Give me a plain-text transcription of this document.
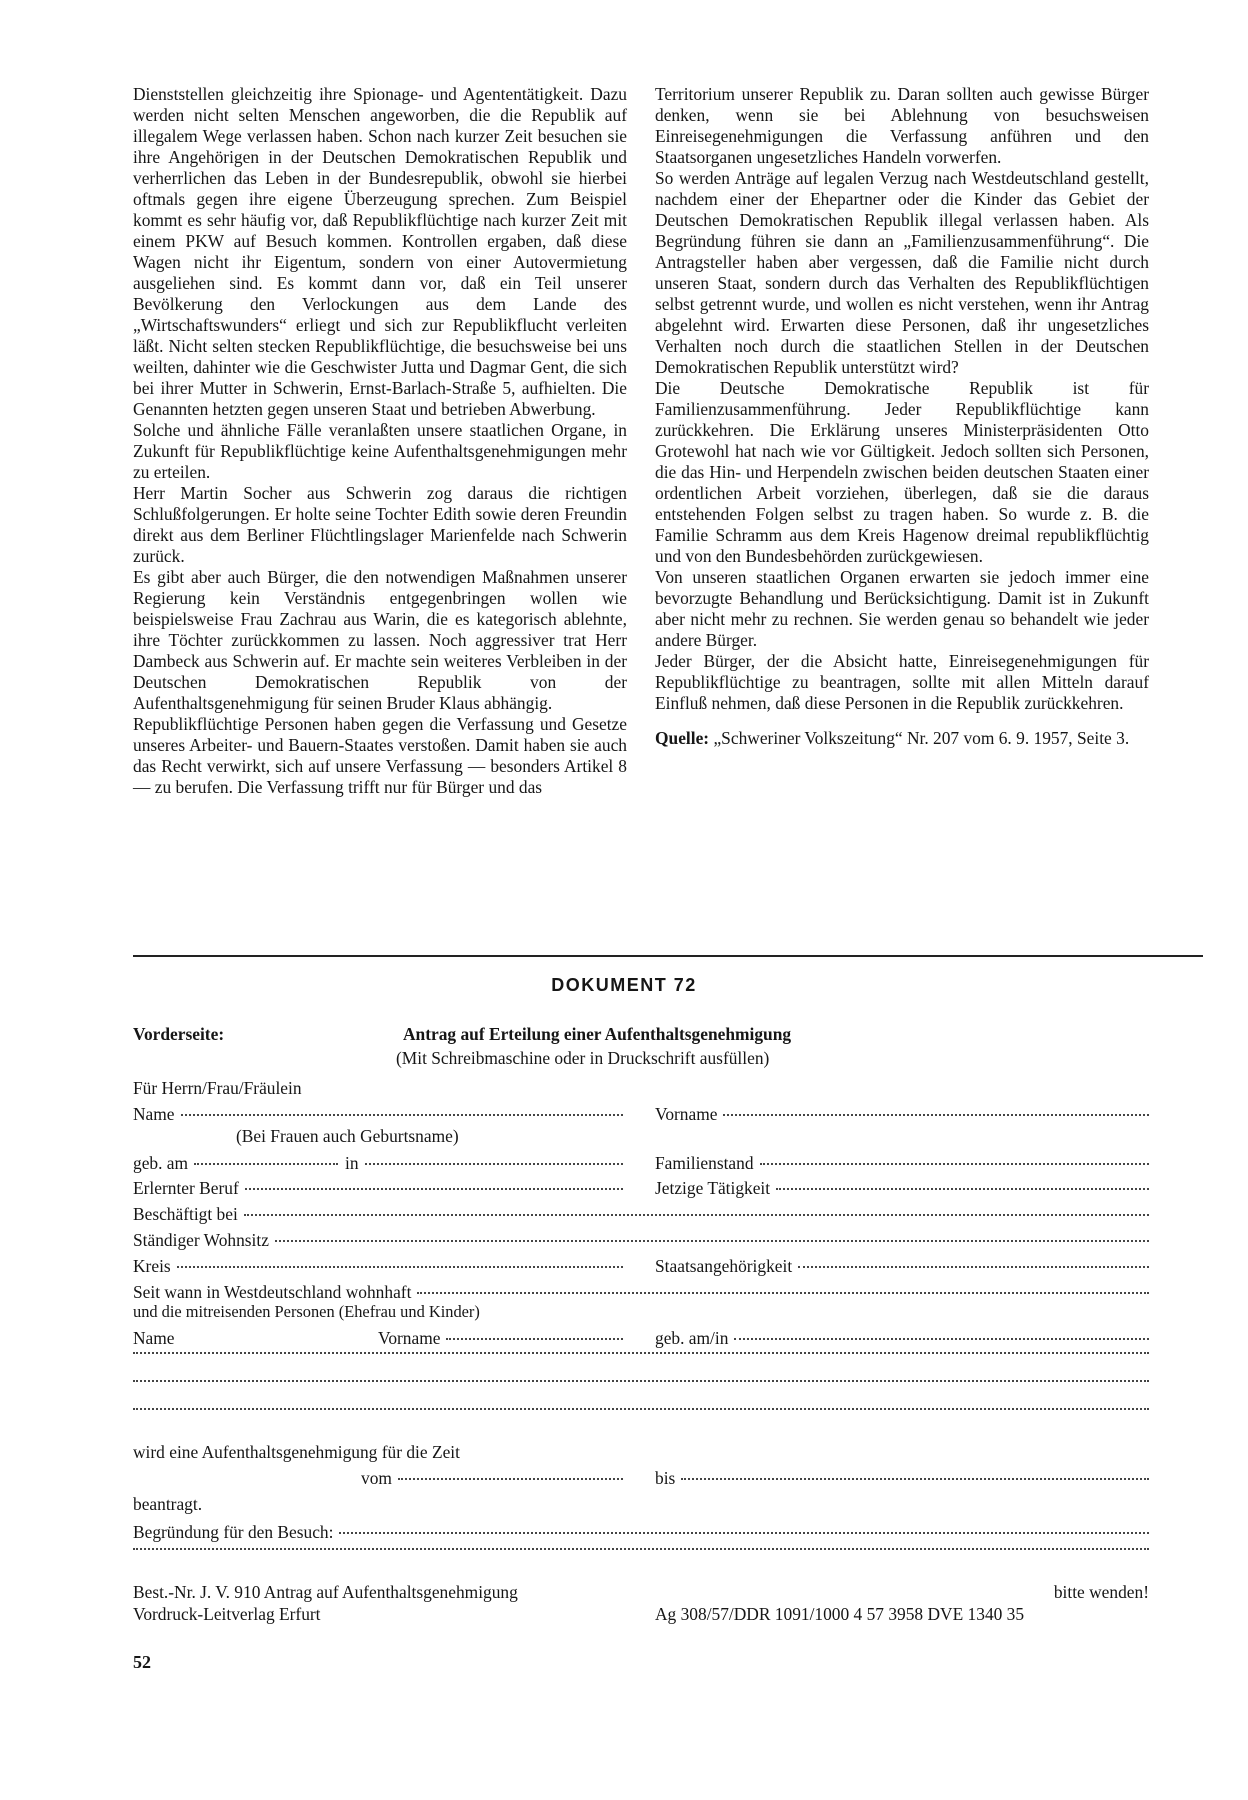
Dienststellen gleichzeitig ihre Spionage- und Agententätigkeit. Dazu werden nicht selten Menschen angeworben, die die Republik auf illegalem Wege verlassen haben. Schon nach kurzer Zeit besuchen sie ihre Angehörigen in der Deutschen Demokratischen Republik und verherrlichen das Leben in der Bundesrepublik, obwohl sie hierbei oftmals gegen ihre eigene Überzeugung sprechen. Zum Beispiel kommt es sehr häufig vor, daß Republikflüchtige nach kurzer Zeit mit einem PKW auf Besuch kommen. Kontrollen ergaben, daß diese Wagen nicht ihr Eigentum, sondern von einer Autovermietung ausgeliehen sind. Es kommt dann vor, daß ein Teil unserer Bevölkerung den Verlockungen aus dem Lande des „Wirtschaftswunders“ erliegt und sich zur Republikflucht verleiten läßt. Nicht selten stecken Republikflüchtige, die besuchsweise bei uns weilten, dahinter wie die Geschwister Jutta und Dagmar Gent, die sich bei ihrer Mutter in Schwerin, Ernst-Barlach-Straße 5, aufhielten. Die Genannten hetzten gegen unseren Staat und betrieben Abwerbung.

Solche und ähnliche Fälle veranlaßten unsere staatlichen Organe, in Zukunft für Republikflüchtige keine Aufenthaltsgenehmigungen mehr zu erteilen.

Herr Martin Socher aus Schwerin zog daraus die richtigen Schlußfolgerungen. Er holte seine Tochter Edith sowie deren Freundin direkt aus dem Berliner Flüchtlingslager Marienfelde nach Schwerin zurück.

Es gibt aber auch Bürger, die den notwendigen Maßnahmen unserer Regierung kein Verständnis entgegenbringen wollen wie beispielsweise Frau Zachrau aus Warin, die es kategorisch ablehnte, ihre Töchter zurückkommen zu lassen. Noch aggressiver trat Herr Dambeck aus Schwerin auf. Er machte sein weiteres Verbleiben in der Deutschen Demokratischen Republik von der Aufenthaltsgenehmigung für seinen Bruder Klaus abhängig.

Republikflüchtige Personen haben gegen die Verfassung und Gesetze unseres Arbeiter- und Bauern-Staates verstoßen. Damit haben sie auch das Recht verwirkt, sich auf unsere Verfassung — besonders Artikel 8 — zu berufen. Die Verfassung trifft nur für Bürger und das

Territorium unserer Republik zu. Daran sollten auch gewisse Bürger denken, wenn sie bei Ablehnung von besuchsweisen Einreisegenehmigungen die Verfassung anführen und den Staatsorganen ungesetzliches Handeln vorwerfen.

So werden Anträge auf legalen Verzug nach Westdeutschland gestellt, nachdem einer der Ehepartner oder die Kinder das Gebiet der Deutschen Demokratischen Republik illegal verlassen haben. Als Begründung führen sie dann an „Familienzusammenführung“. Die Antragsteller haben aber vergessen, daß die Familie nicht durch unseren Staat, sondern durch das Verhalten des Republikflüchtigen selbst getrennt wurde, und wollen es nicht verstehen, wenn ihr Antrag abgelehnt wird. Erwarten diese Personen, daß ihr ungesetzliches Verhalten noch durch die staatlichen Stellen in der Deutschen Demokratischen Republik unterstützt wird?

Die Deutsche Demokratische Republik ist für Familienzusammenführung. Jeder Republikflüchtige kann zurückkehren. Die Erklärung unseres Ministerpräsidenten Otto Grotewohl hat nach wie vor Gültigkeit. Jedoch sollten sich Personen, die das Hin- und Herpendeln zwischen beiden deutschen Staaten einer ordentlichen Arbeit vorziehen, überlegen, daß sie die daraus entstehenden Folgen selbst zu tragen haben. So wurde z. B. die Familie Schramm aus dem Kreis Hagenow dreimal republikflüchtig und von den Bundesbehörden zurückgewiesen.

Von unseren staatlichen Organen erwarten sie jedoch immer eine bevorzugte Behandlung und Berücksichtigung. Damit ist in Zukunft aber nicht mehr zu rechnen. Sie werden genau so behandelt wie jeder andere Bürger.

Jeder Bürger, der die Absicht hatte, Einreisegenehmigungen für Republikflüchtige zu beantragen, sollte mit allen Mitteln darauf Einfluß nehmen, daß diese Personen in die Republik zurückkehren.

Quelle: „Schweriner Volkszeitung“ Nr. 207 vom 6. 9. 1957, Seite 3.
DOKUMENT 72
Vorderseite:	Antrag auf Erteilung einer Aufenthaltsgenehmigung
(Mit Schreibmaschine oder in Druckschrift ausfüllen)
Für Herrn/Frau/Fräulein
Name	Vorname
(Bei Frauen auch Geburtsname)
geb. am	in	Familienstand
Erlernter Beruf	Jetzige Tätigkeit
Beschäftigt bei
Ständiger Wohnsitz
Kreis	Staatsangehörigkeit
Seit wann in Westdeutschland wohnhaft
und die mitreisenden Personen (Ehefrau und Kinder)
Name	Vorname	geb. am/in
wird eine Aufenthaltsgenehmigung für die Zeit
vom	bis
beantragt.
Begründung für den Besuch:
Best.-Nr. J. V. 910 Antrag auf Aufenthaltsgenehmigung	bitte wenden!
Vordruck-Leitverlag Erfurt	Ag 308/57/DDR 1091/1000 4 57 3958 DVE 1340 35
52
